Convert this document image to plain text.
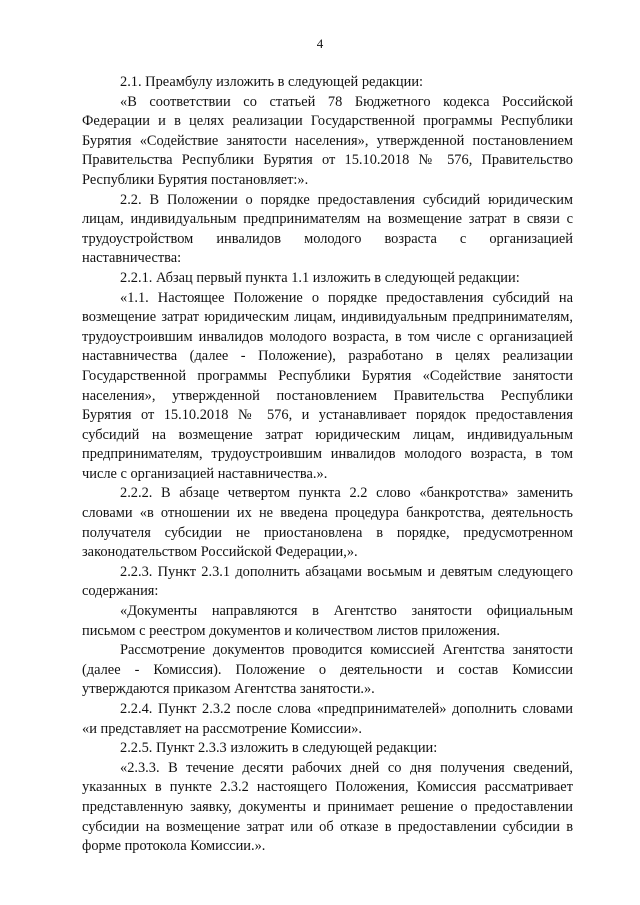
4

2.1. Преамбулу изложить в следующей редакции:

«В соответствии со статьей 78 Бюджетного кодекса Российской Федерации и в целях реализации Государственной программы Республики Бурятия «Содействие занятости населения», утвержденной постановлением Правительства Республики Бурятия от 15.10.2018 № 576, Правительство Республики Бурятия постановляет:».

2.2. В Положении о порядке предоставления субсидий юридическим лицам, индивидуальным предпринимателям на возмещение затрат в связи с трудоустройством инвалидов молодого возраста с организацией наставничества:

2.2.1. Абзац первый пункта 1.1 изложить в следующей редакции:

«1.1. Настоящее Положение о порядке предоставления субсидий на возмещение затрат юридическим лицам, индивидуальным предпринимателям, трудоустроившим инвалидов молодого возраста, в том числе с организацией наставничества (далее - Положение), разработано в целях реализации Государственной программы Республики Бурятия «Содействие занятости населения», утвержденной постановлением Правительства Республики Бурятия от 15.10.2018 № 576, и устанавливает порядок предоставления субсидий на возмещение затрат юридическим лицам, индивидуальным предпринимателям, трудоустроившим инвалидов молодого возраста, в том числе с организацией наставничества.».

2.2.2. В абзаце четвертом пункта 2.2 слово «банкротства» заменить словами «в отношении их не введена процедура банкротства, деятельность получателя субсидии не приостановлена в порядке, предусмотренном законодательством Российской Федерации,».

2.2.3. Пункт 2.3.1 дополнить абзацами восьмым и девятым следующего содержания:

«Документы направляются в Агентство занятости официальным письмом с реестром документов и количеством листов приложения.

Рассмотрение документов проводится комиссией Агентства занятости (далее - Комиссия). Положение о деятельности и состав Комиссии утверждаются приказом Агентства занятости.».

2.2.4. Пункт 2.3.2 после слова «предпринимателей» дополнить словами «и представляет на рассмотрение Комиссии».

2.2.5. Пункт 2.3.3 изложить в следующей редакции:

«2.3.3. В течение десяти рабочих дней со дня получения сведений, указанных в пункте 2.3.2 настоящего Положения, Комиссия рассматривает представленную заявку, документы и принимает решение о предоставлении субсидии на возмещение затрат или об отказе в предоставлении субсидии в форме протокола Комиссии.».
